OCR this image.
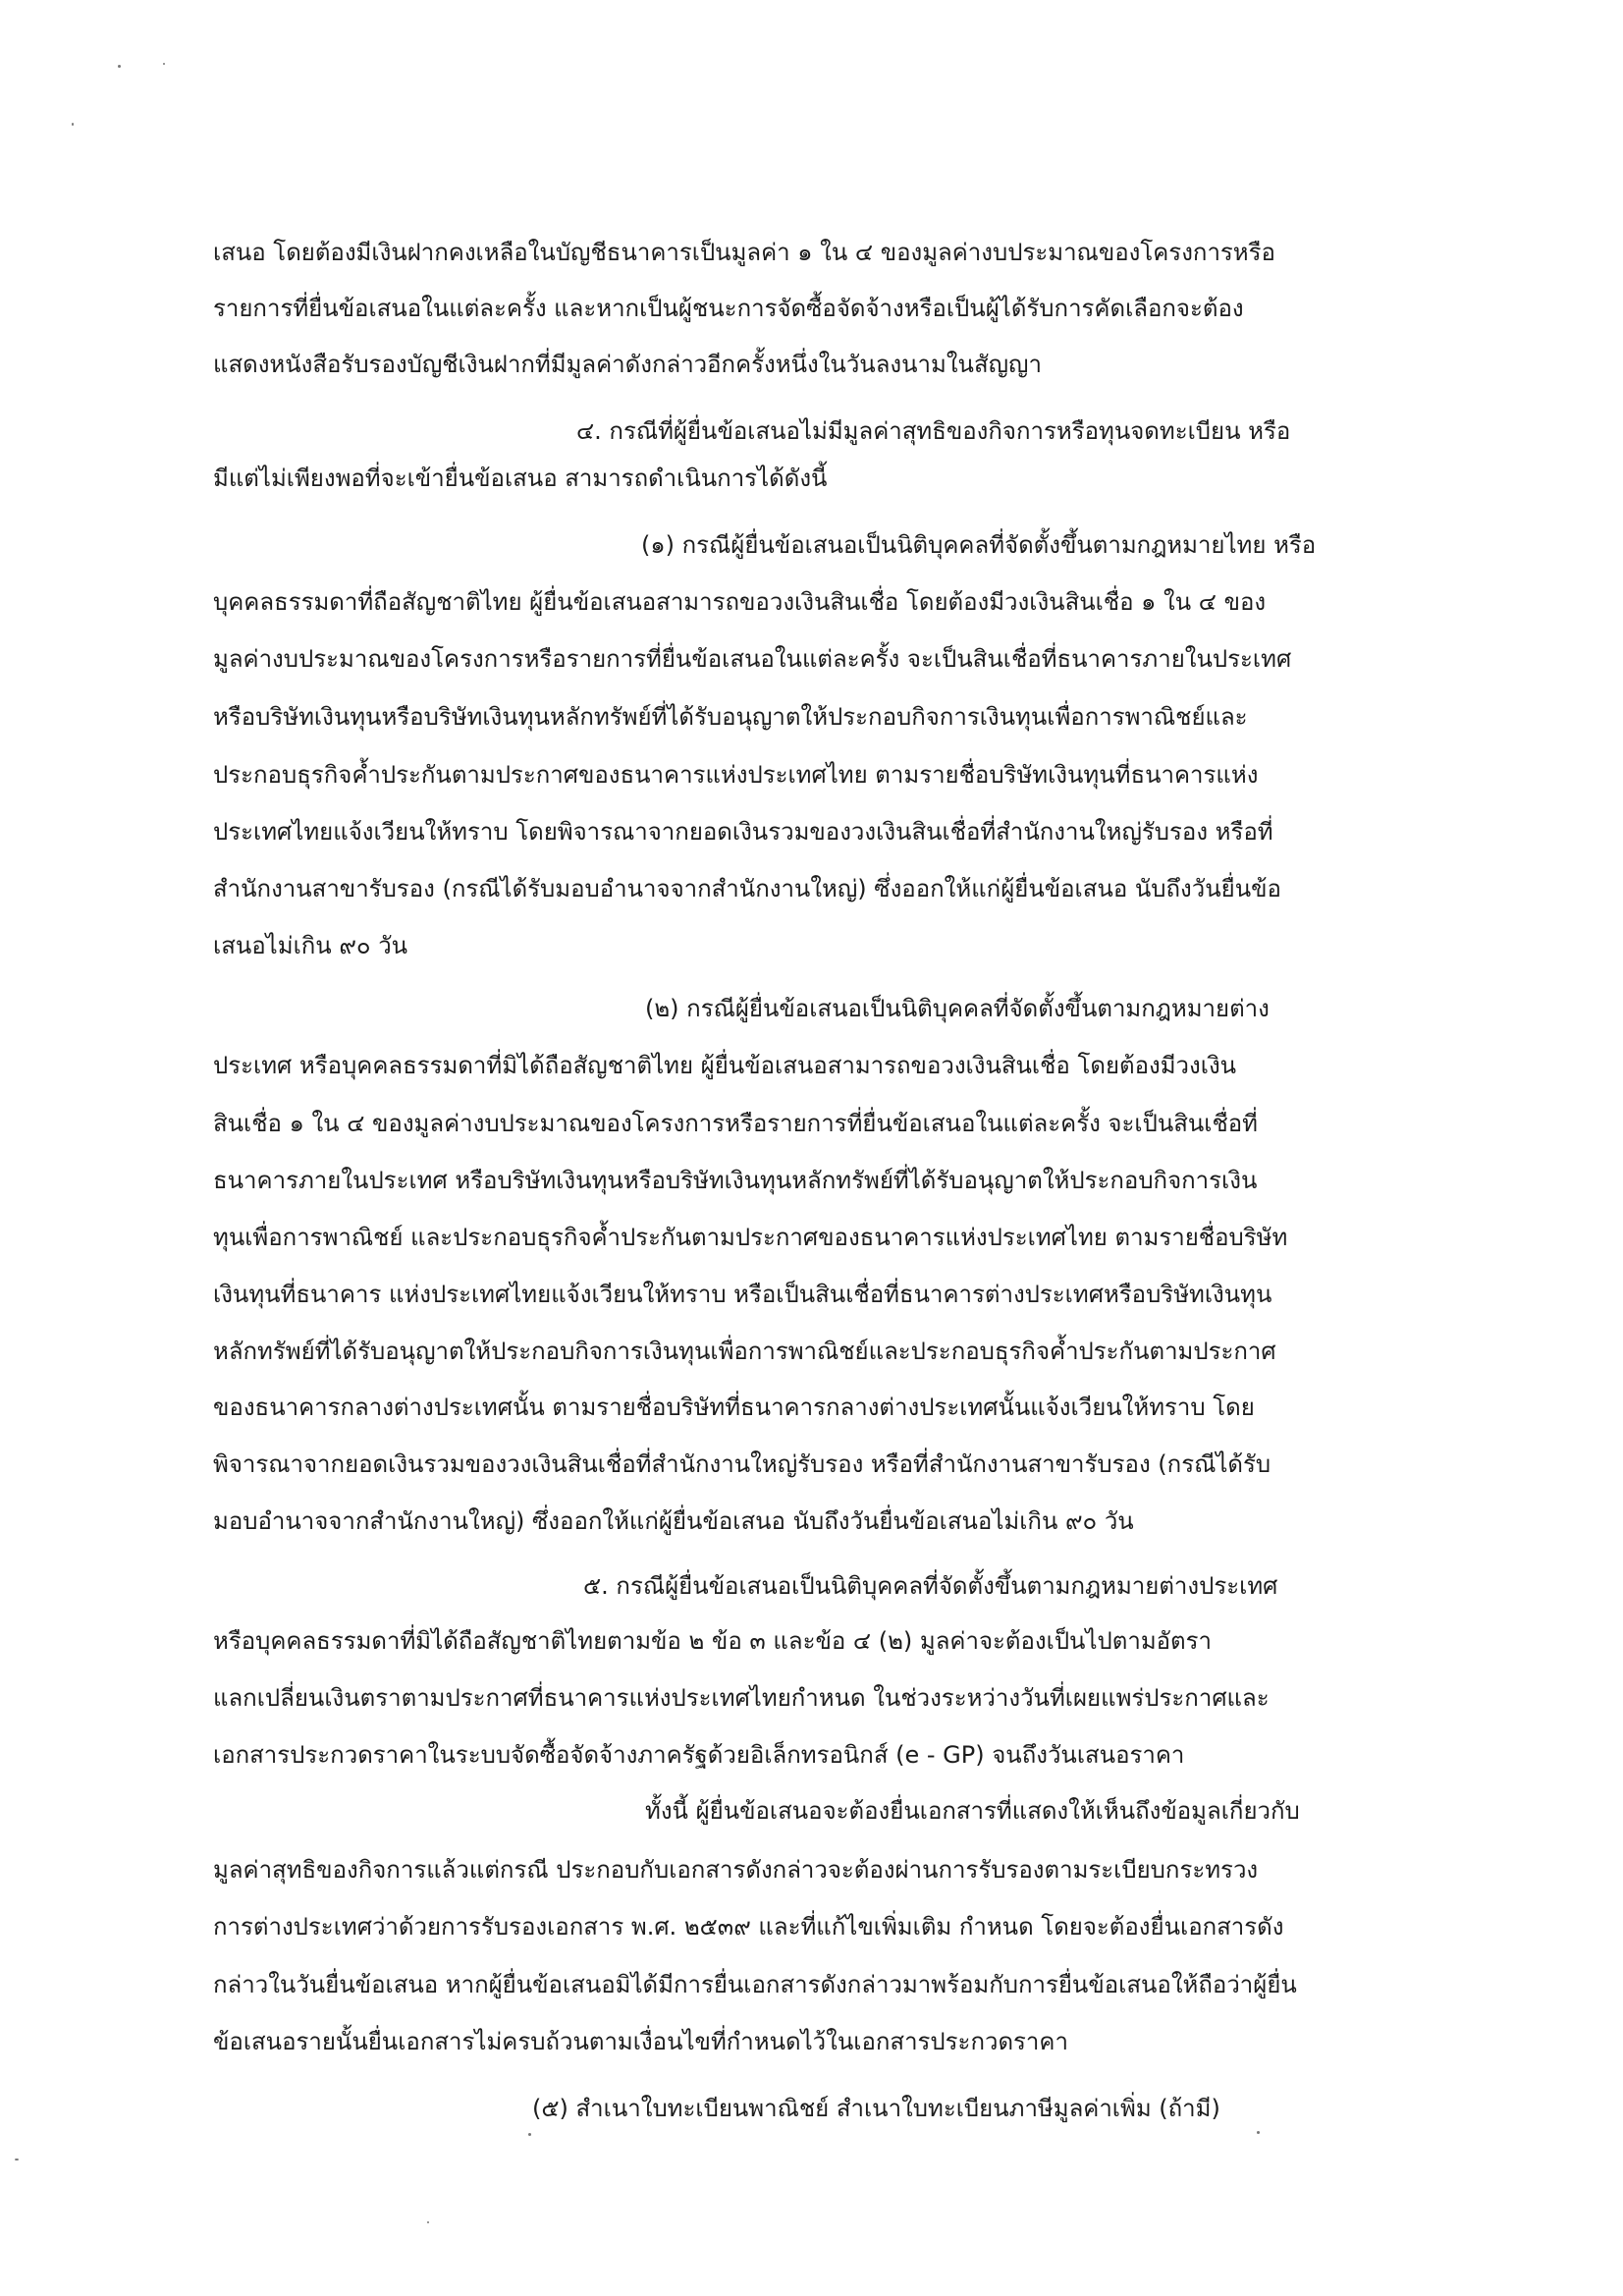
เสนอ โดยต้องมีเงินฝากคงเหลือในบัญชีธนาคารเป็นมูลค่า ๑ ใน ๔ ของมูลค่างบประมาณของโครงการหรือ
รายการที่ยื่นข้อเสนอในแต่ละครั้ง และหากเป็นผู้ชนะการจัดซื้อจัดจ้างหรือเป็นผู้ได้รับการคัดเลือกจะต้อง
แสดงหนังสือรับรองบัญชีเงินฝากที่มีมูลค่าดังกล่าวอีกครั้งหนึ่งในวันลงนามในสัญญา
๔. กรณีที่ผู้ยื่นข้อเสนอไม่มีมูลค่าสุทธิของกิจการหรือทุนจดทะเบียน หรือ
มีแต่ไม่เพียงพอที่จะเข้ายื่นข้อเสนอ สามารถดำเนินการได้ดังนี้
(๑) กรณีผู้ยื่นข้อเสนอเป็นนิติบุคคลที่จัดตั้งขึ้นตามกฎหมายไทย หรือ
บุคคลธรรมดาที่ถือสัญชาติไทย ผู้ยื่นข้อเสนอสามารถขอวงเงินสินเชื่อ โดยต้องมีวงเงินสินเชื่อ ๑ ใน ๔ ของ
มูลค่างบประมาณของโครงการหรือรายการที่ยื่นข้อเสนอในแต่ละครั้ง จะเป็นสินเชื่อที่ธนาคารภายในประเทศ
หรือบริษัทเงินทุนหรือบริษัทเงินทุนหลักทรัพย์ที่ได้รับอนุญาตให้ประกอบกิจการเงินทุนเพื่อการพาณิชย์และ
ประกอบธุรกิจค้ำประกันตามประกาศของธนาคารแห่งประเทศไทย ตามรายชื่อบริษัทเงินทุนที่ธนาคารแห่ง
ประเทศไทยแจ้งเวียนให้ทราบ โดยพิจารณาจากยอดเงินรวมของวงเงินสินเชื่อที่สำนักงานใหญ่รับรอง หรือที่
สำนักงานสาขารับรอง (กรณีได้รับมอบอำนาจจากสำนักงานใหญ่) ซึ่งออกให้แก่ผู้ยื่นข้อเสนอ นับถึงวันยื่นข้อ
เสนอไม่เกิน ๙๐ วัน
(๒) กรณีผู้ยื่นข้อเสนอเป็นนิติบุคคลที่จัดตั้งขึ้นตามกฎหมายต่าง
ประเทศ หรือบุคคลธรรมดาที่มิได้ถือสัญชาติไทย ผู้ยื่นข้อเสนอสามารถขอวงเงินสินเชื่อ โดยต้องมีวงเงิน
สินเชื่อ ๑ ใน ๔ ของมูลค่างบประมาณของโครงการหรือรายการที่ยื่นข้อเสนอในแต่ละครั้ง จะเป็นสินเชื่อที่
ธนาคารภายในประเทศ หรือบริษัทเงินทุนหรือบริษัทเงินทุนหลักทรัพย์ที่ได้รับอนุญาตให้ประกอบกิจการเงิน
ทุนเพื่อการพาณิชย์ และประกอบธุรกิจค้ำประกันตามประกาศของธนาคารแห่งประเทศไทย ตามรายชื่อบริษัท
เงินทุนที่ธนาคาร แห่งประเทศไทยแจ้งเวียนให้ทราบ หรือเป็นสินเชื่อที่ธนาคารต่างประเทศหรือบริษัทเงินทุน
หลักทรัพย์ที่ได้รับอนุญาตให้ประกอบกิจการเงินทุนเพื่อการพาณิชย์และประกอบธุรกิจค้ำประกันตามประกาศ
ของธนาคารกลางต่างประเทศนั้น ตามรายชื่อบริษัทที่ธนาคารกลางต่างประเทศนั้นแจ้งเวียนให้ทราบ โดย
พิจารณาจากยอดเงินรวมของวงเงินสินเชื่อที่สำนักงานใหญ่รับรอง หรือที่สำนักงานสาขารับรอง (กรณีได้รับ
มอบอำนาจจากสำนักงานใหญ่) ซึ่งออกให้แก่ผู้ยื่นข้อเสนอ นับถึงวันยื่นข้อเสนอไม่เกิน ๙๐ วัน
๕. กรณีผู้ยื่นข้อเสนอเป็นนิติบุคคลที่จัดตั้งขึ้นตามกฎหมายต่างประเทศ
หรือบุคคลธรรมดาที่มิได้ถือสัญชาติไทยตามข้อ ๒ ข้อ ๓ และข้อ ๔ (๒) มูลค่าจะต้องเป็นไปตามอัตรา
แลกเปลี่ยนเงินตราตามประกาศที่ธนาคารแห่งประเทศไทยกำหนด ในช่วงระหว่างวันที่เผยแพร่ประกาศและ
เอกสารประกวดราคาในระบบจัดซื้อจัดจ้างภาครัฐด้วยอิเล็กทรอนิกส์ (e - GP) จนถึงวันเสนอราคา
ทั้งนี้ ผู้ยื่นข้อเสนอจะต้องยื่นเอกสารที่แสดงให้เห็นถึงข้อมูลเกี่ยวกับ
มูลค่าสุทธิของกิจการแล้วแต่กรณี ประกอบกับเอกสารดังกล่าวจะต้องผ่านการรับรองตามระเบียบกระทรวง
การต่างประเทศว่าด้วยการรับรองเอกสาร พ.ศ. ๒๕๓๙ และที่แก้ไขเพิ่มเติม กำหนด โดยจะต้องยื่นเอกสารดัง
กล่าวในวันยื่นข้อเสนอ หากผู้ยื่นข้อเสนอมิได้มีการยื่นเอกสารดังกล่าวมาพร้อมกับการยื่นข้อเสนอให้ถือว่าผู้ยื่น
ข้อเสนอรายนั้นยื่นเอกสารไม่ครบถ้วนตามเงื่อนไขที่กำหนดไว้ในเอกสารประกวดราคา
(๕) สำเนาใบทะเบียนพาณิชย์ สำเนาใบทะเบียนภาษีมูลค่าเพิ่ม (ถ้ามี)
